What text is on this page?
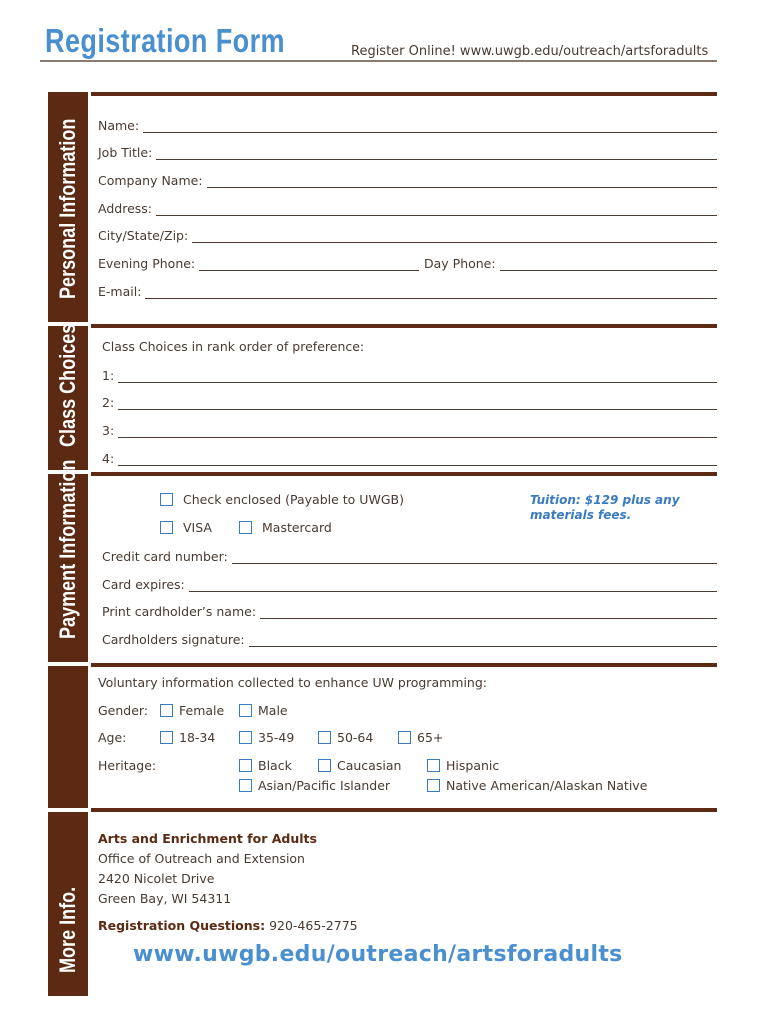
Registration Form	Register Online! www.uwgb.edu/outreach/artsforadults
Personal Information
Class Choices
Payment Information
More Info.
Name:
Job Title:
Company Name:
Address:
City/State/Zip:
Evening Phone:	Day Phone:
E-mail:
Class Choices in rank order of preference:
1:
2:
3:
4:
Check enclosed (Payable to UWGB)
VISA	Mastercard
Tuition: $129 plus any materials fees.
Credit card number:
Card expires:
Print cardholder’s name:
Cardholders signature:
Voluntary information collected to enhance UW programming:
Gender:	Female	Male
Age:	18-34	35-49	50-64	65+
Heritage:	Black	Caucasian	Hispanic
Asian/Pacific Islander	Native American/Alaskan Native
Arts and Enrichment for Adults
Office of Outreach and Extension
2420 Nicolet Drive
Green Bay, WI 54311
Registration Questions: 920-465-2775
www.uwgb.edu/outreach/artsforadults
